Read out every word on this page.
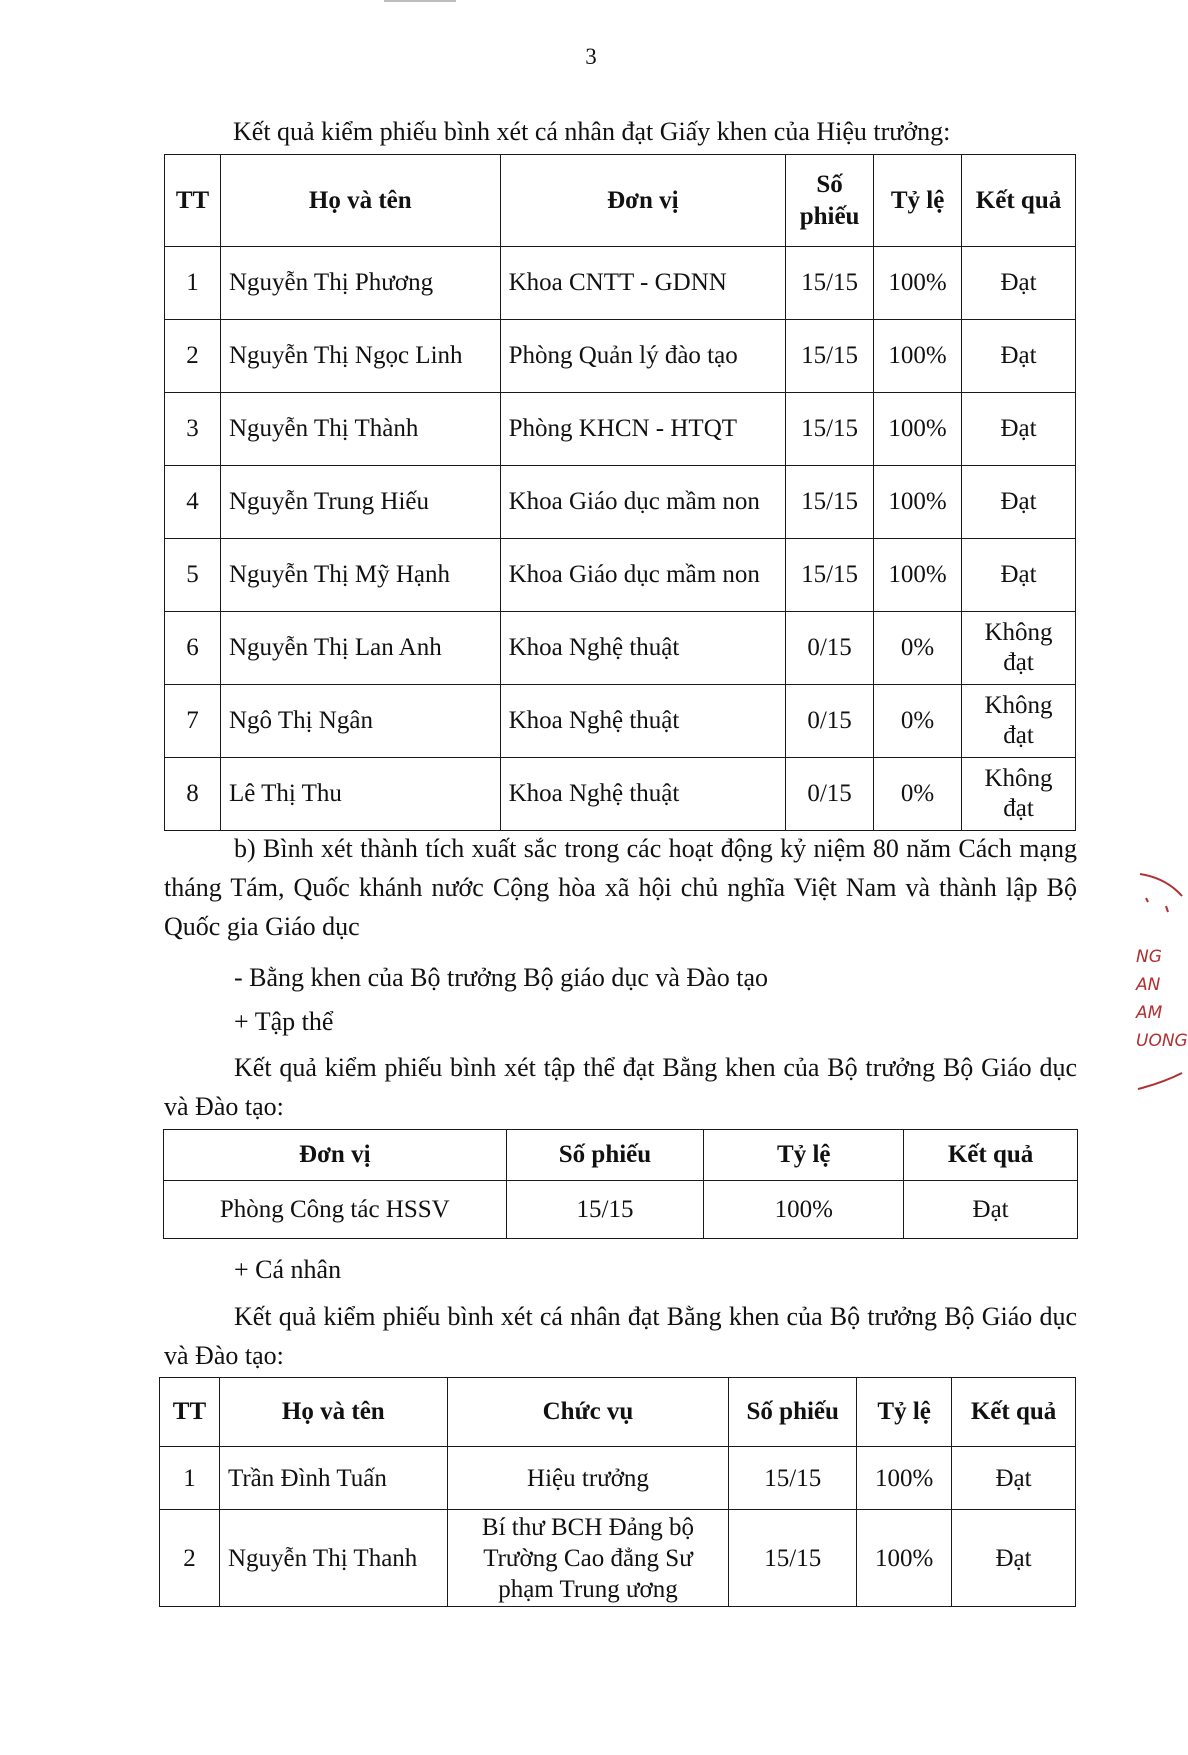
3

Kết quả kiểm phiếu bình xét cá nhân đạt Giấy khen của Hiệu trưởng:

TT	Họ và tên	Đơn vị	Số phiếu	Tỷ lệ	Kết quả
1	Nguyễn Thị Phương	Khoa CNTT - GDNN	15/15	100%	Đạt
2	Nguyễn Thị Ngọc Linh	Phòng Quản lý đào tạo	15/15	100%	Đạt
3	Nguyễn Thị Thành	Phòng KHCN - HTQT	15/15	100%	Đạt
4	Nguyễn Trung Hiếu	Khoa Giáo dục mầm non	15/15	100%	Đạt
5	Nguyễn Thị Mỹ Hạnh	Khoa Giáo dục mầm non	15/15	100%	Đạt
6	Nguyễn Thị Lan Anh	Khoa Nghệ thuật	0/15	0%	Không đạt
7	Ngô Thị Ngân	Khoa Nghệ thuật	0/15	0%	Không đạt
8	Lê Thị Thu	Khoa Nghệ thuật	0/15	0%	Không đạt

b) Bình xét thành tích xuất sắc trong các hoạt động kỷ niệm 80 năm Cách mạng tháng Tám, Quốc khánh nước Cộng hòa xã hội chủ nghĩa Việt Nam và thành lập Bộ Quốc gia Giáo dục

- Bằng khen của Bộ trưởng Bộ giáo dục và Đào tạo

+ Tập thể

Kết quả kiểm phiếu bình xét tập thể đạt Bằng khen của Bộ trưởng Bộ Giáo dục và Đào tạo:

Đơn vị	Số phiếu	Tỷ lệ	Kết quả
Phòng Công tác HSSV	15/15	100%	Đạt

+ Cá nhân

Kết quả kiểm phiếu bình xét cá nhân đạt Bằng khen của Bộ trưởng Bộ Giáo dục và Đào tạo:

TT	Họ và tên	Chức vụ	Số phiếu	Tỷ lệ	Kết quả
1	Trần Đình Tuấn	Hiệu trưởng	15/15	100%	Đạt
2	Nguyễn Thị Thanh	Bí thư BCH Đảng bộ Trường Cao đẳng Sư phạm Trung ương	15/15	100%	Đạt
NG
AN
AM
UONG
